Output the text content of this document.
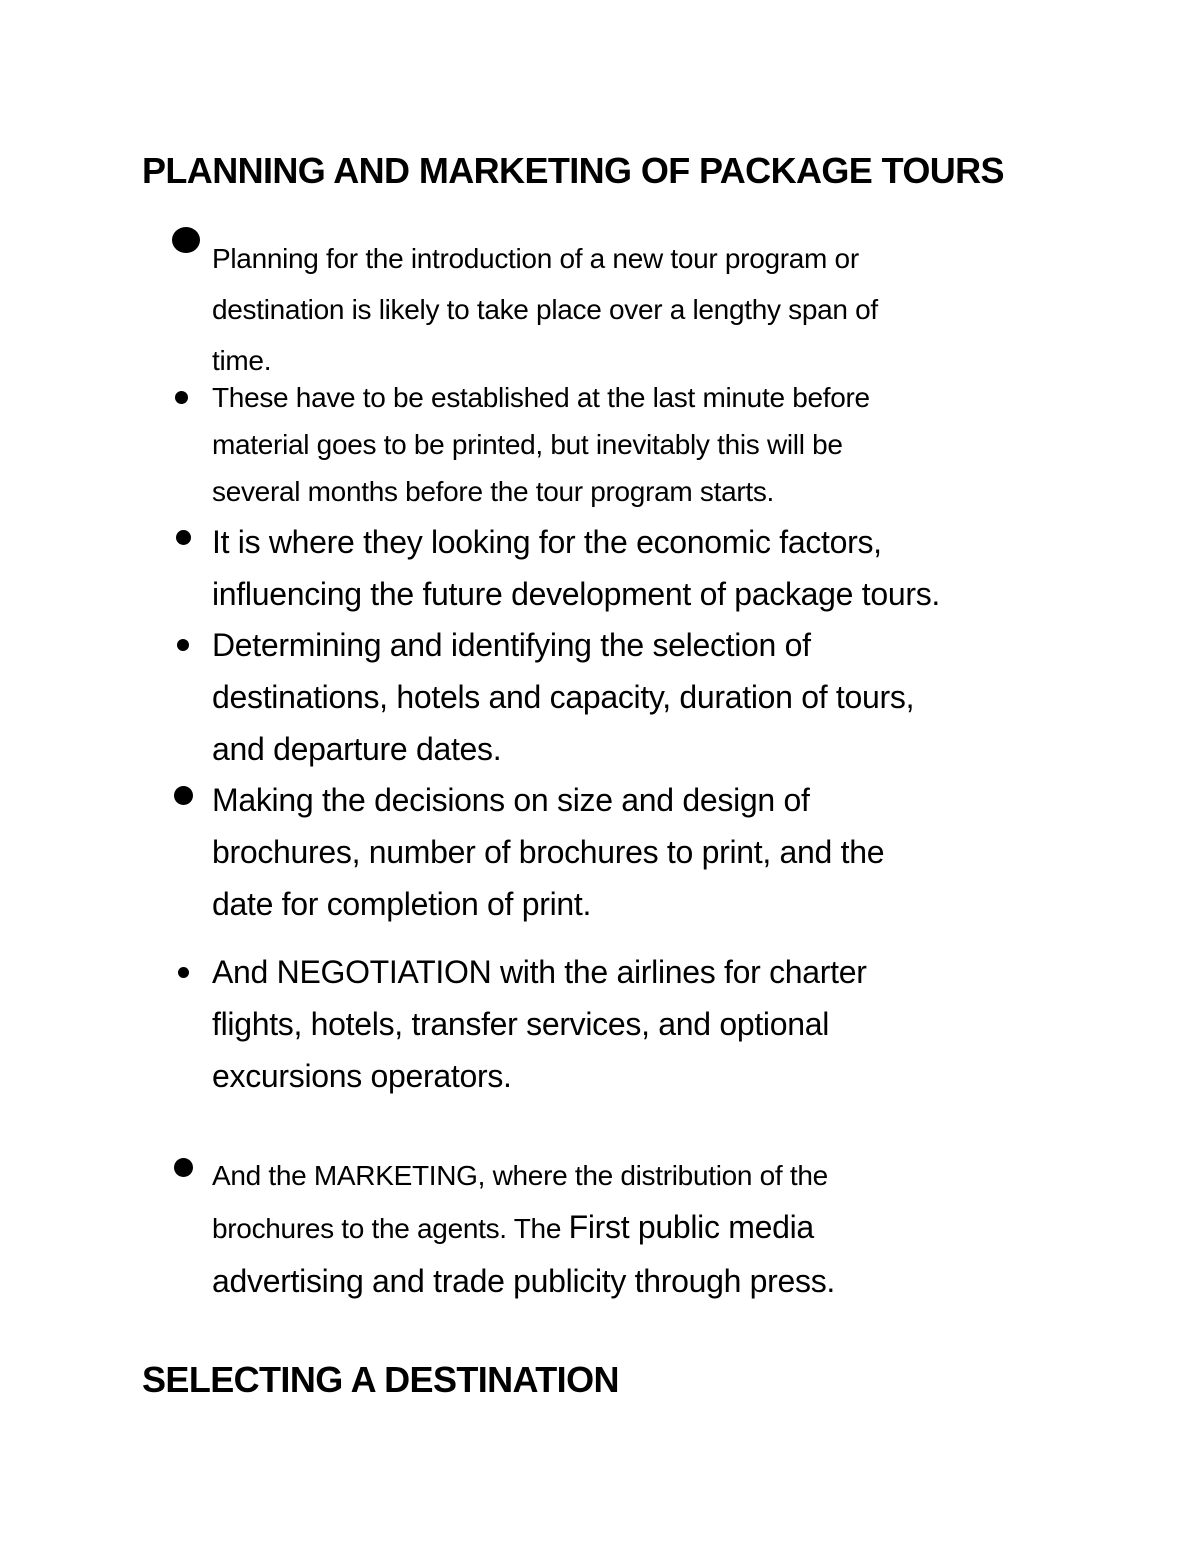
PLANNING AND MARKETING OF PACKAGE TOURS
Planning for the introduction of a new tour program or
destination is likely to take place over a lengthy span of
time.
These have to be established at the last minute before
material goes to be printed, but inevitably this will be
several months before the tour program starts.
It is where they looking for the economic factors,
influencing the future development of package tours.
Determining and identifying the selection of
destinations, hotels and capacity, duration of tours,
and departure dates.
Making the decisions on size and design of
brochures, number of brochures to print, and the
date for completion of print.
And NEGOTIATION with the airlines for charter
flights, hotels, transfer services, and optional
excursions operators.
And the MARKETING, where the distribution of the
brochures to the agents. The First public media
advertising and trade publicity through press.
SELECTING A DESTINATION
